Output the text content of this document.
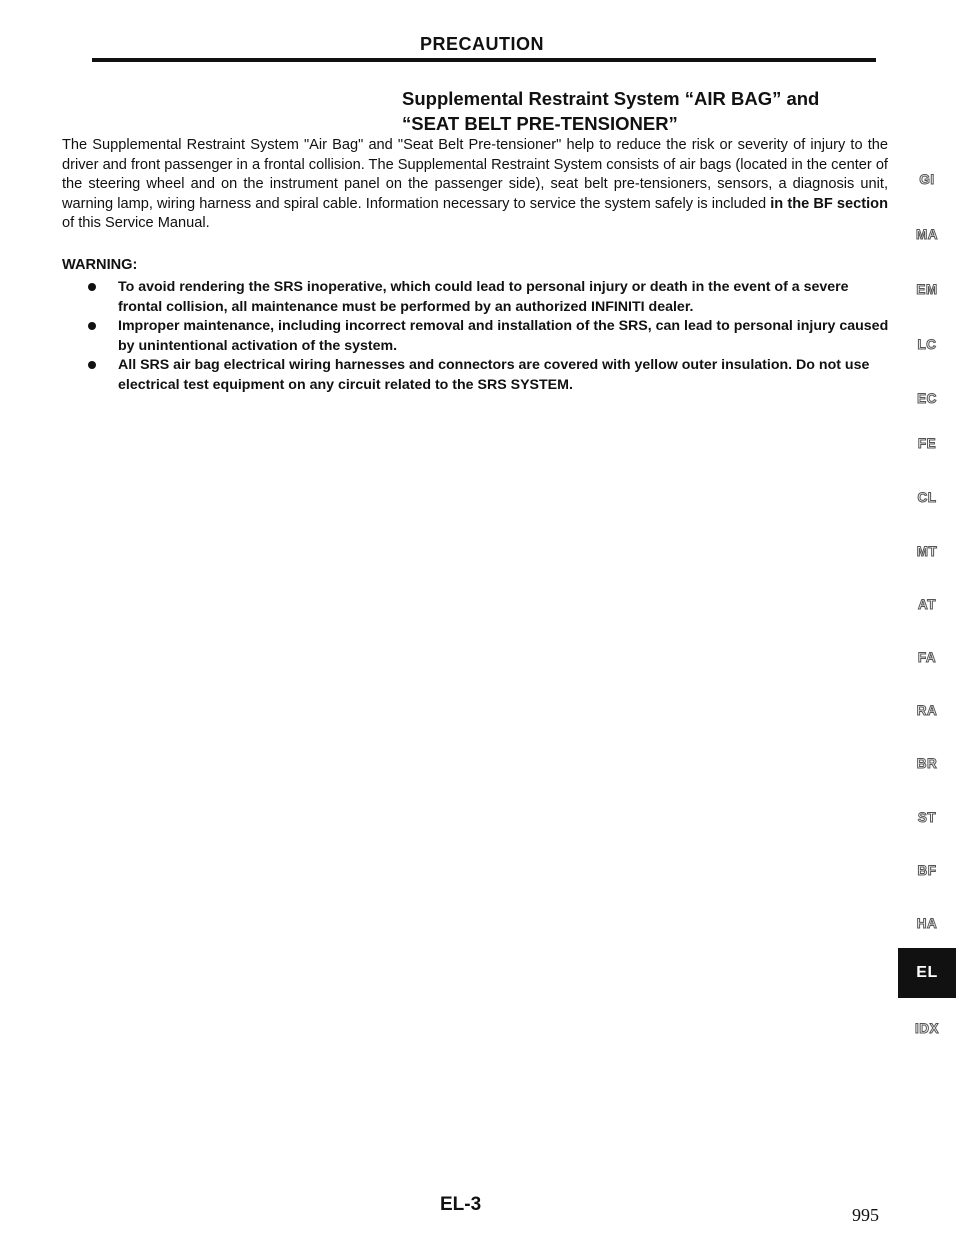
PRECAUTION
Supplemental Restraint System “AIR BAG” and
“SEAT BELT PRE-TENSIONER”

The Supplemental Restraint System "Air Bag" and "Seat Belt Pre-tensioner" help to reduce the risk or severity of injury to the driver and front passenger in a frontal collision. The Supplemental Restraint System consists of air bags (located in the center of the steering wheel and on the instrument panel on the passenger side), seat belt pre-tensioners, sensors, a diagnosis unit, warning lamp, wiring harness and spiral cable. Information necessary to service the system safely is included in the BF section of this Service Manual.

WARNING:
To avoid rendering the SRS inoperative, which could lead to personal injury or death in the event of a severe frontal collision, all maintenance must be performed by an authorized INFINITI dealer.
Improper maintenance, including incorrect removal and installation of the SRS, can lead to personal injury caused by unintentional activation of the system.
All SRS air bag electrical wiring harnesses and connectors are covered with yellow outer insulation. Do not use electrical test equipment on any circuit related to the SRS SYSTEM.
GI
MA
EM
LC
EC
FE
CL
MT
AT
FA
RA
BR
ST
BF
HA
EL
IDX
EL-3	995
